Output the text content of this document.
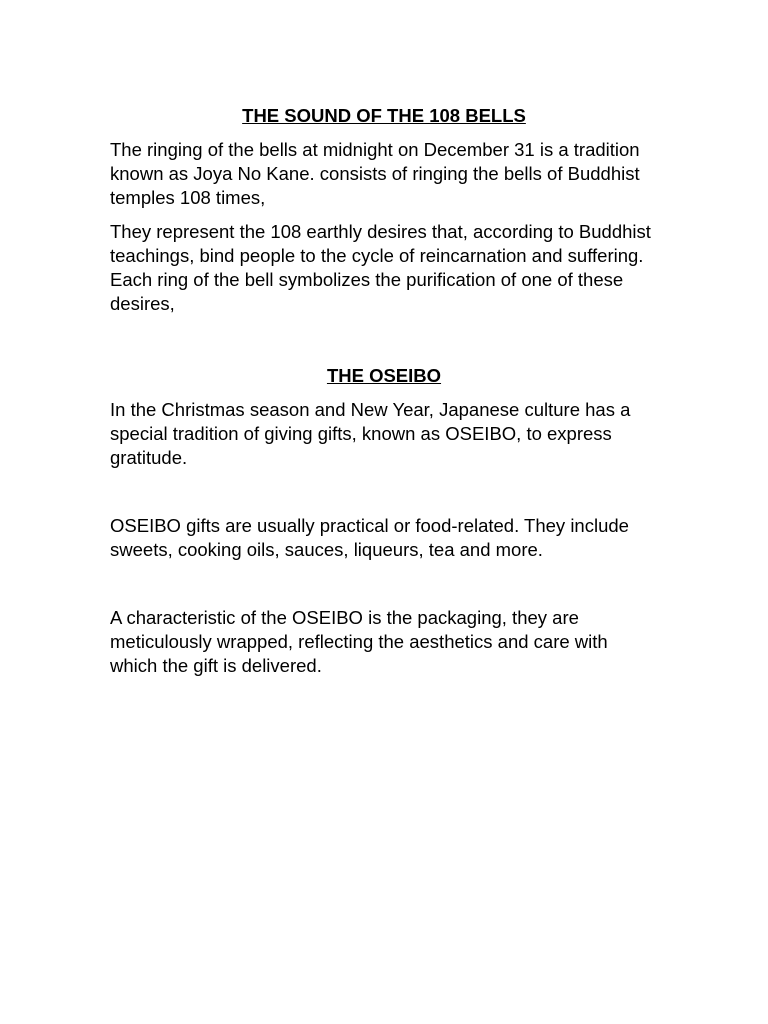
THE SOUND OF THE 108 BELLS

The ringing of the bells at midnight on December 31 is a tradition known as Joya No Kane. consists of ringing the bells of Buddhist temples 108 times,

They represent the 108 earthly desires that, according to Buddhist teachings, bind people to the cycle of reincarnation and suffering. Each ring of the bell symbolizes the purification of one of these desires,

THE OSEIBO

In the Christmas season and New Year, Japanese culture has a special tradition of giving gifts, known as OSEIBO, to express gratitude.

OSEIBO gifts are usually practical or food-related. They include sweets, cooking oils, sauces, liqueurs, tea and more.

A characteristic of the OSEIBO is the packaging, they are meticulously wrapped, reflecting the aesthetics and care with which the gift is delivered.
